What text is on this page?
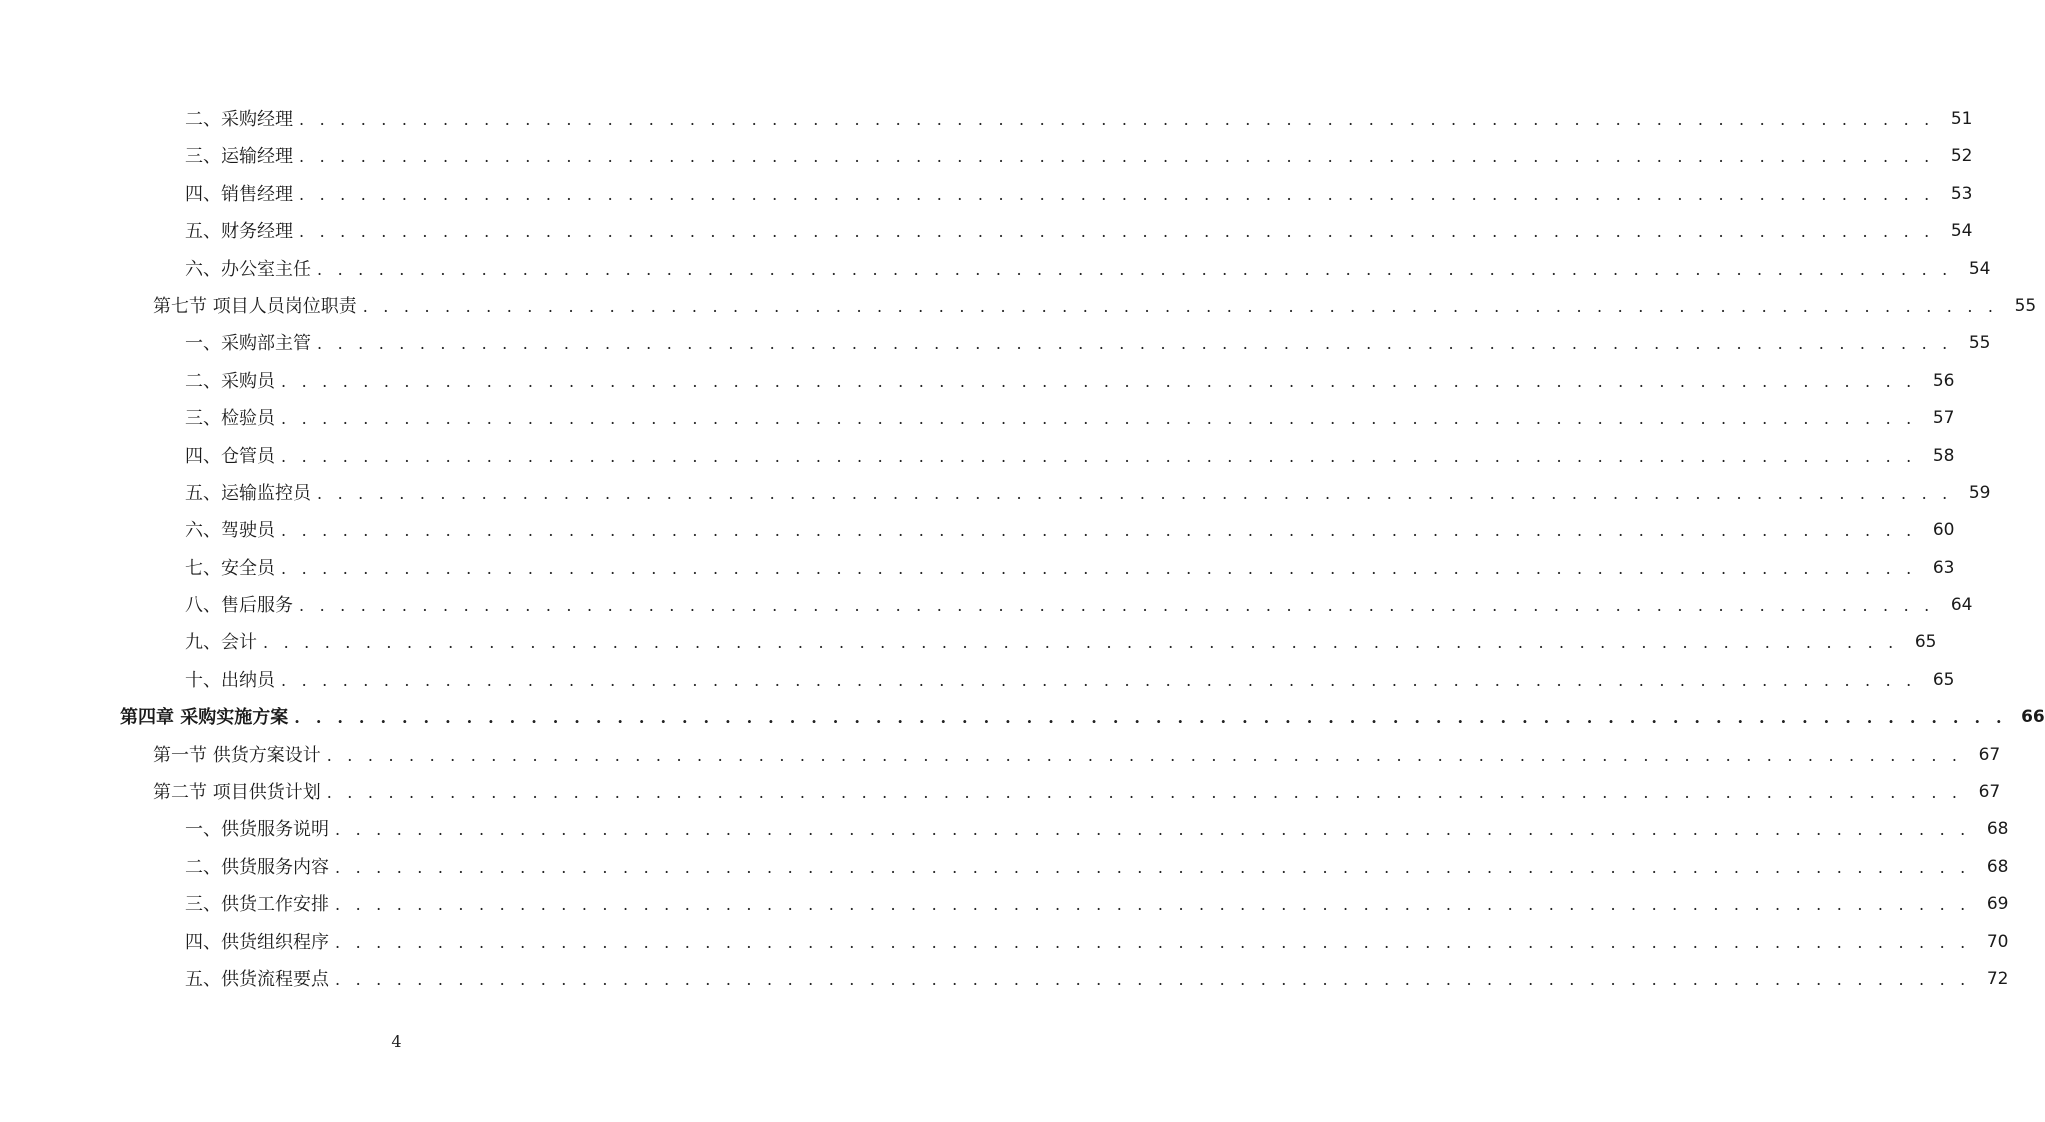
二、采购经理 . . . . . . . . . . . . . . . . . . . . . . . . . . . . . . . . . . . . . . . . . . . . . . . . . . . . . . . . . . . . . . . . . . . . . . . . . . . . . . . . 51
三、运输经理 . . . . . . . . . . . . . . . . . . . . . . . . . . . . . . . . . . . . . . . . . . . . . . . . . . . . . . . . . . . . . . . . . . . . . . . . . . . . . . . . 52
四、销售经理 . . . . . . . . . . . . . . . . . . . . . . . . . . . . . . . . . . . . . . . . . . . . . . . . . . . . . . . . . . . . . . . . . . . . . . . . . . . . . . . . 53
五、财务经理 . . . . . . . . . . . . . . . . . . . . . . . . . . . . . . . . . . . . . . . . . . . . . . . . . . . . . . . . . . . . . . . . . . . . . . . . . . . . . . . . 54
六、办公室主任 . . . . . . . . . . . . . . . . . . . . . . . . . . . . . . . . . . . . . . . . . . . . . . . . . . . . . . . . . . . . . . . . . . . . . . . . . . . . . . . . 54
第七节 项目人员岗位职责 . . . . . . . . . . . . . . . . . . . . . . . . . . . . . . . . . . . . . . . . . . . . . . . . . . . . . . . . . . . . . . . . . . . . . . . . . . . . . . . . 55
一、采购部主管 . . . . . . . . . . . . . . . . . . . . . . . . . . . . . . . . . . . . . . . . . . . . . . . . . . . . . . . . . . . . . . . . . . . . . . . . . . . . . . . . 55
二、采购员 . . . . . . . . . . . . . . . . . . . . . . . . . . . . . . . . . . . . . . . . . . . . . . . . . . . . . . . . . . . . . . . . . . . . . . . . . . . . . . . . 56
三、检验员 . . . . . . . . . . . . . . . . . . . . . . . . . . . . . . . . . . . . . . . . . . . . . . . . . . . . . . . . . . . . . . . . . . . . . . . . . . . . . . . . 57
四、仓管员 . . . . . . . . . . . . . . . . . . . . . . . . . . . . . . . . . . . . . . . . . . . . . . . . . . . . . . . . . . . . . . . . . . . . . . . . . . . . . . . . 58
五、运输监控员 . . . . . . . . . . . . . . . . . . . . . . . . . . . . . . . . . . . . . . . . . . . . . . . . . . . . . . . . . . . . . . . . . . . . . . . . . . . . . . . . 59
六、驾驶员 . . . . . . . . . . . . . . . . . . . . . . . . . . . . . . . . . . . . . . . . . . . . . . . . . . . . . . . . . . . . . . . . . . . . . . . . . . . . . . . . 60
七、安全员 . . . . . . . . . . . . . . . . . . . . . . . . . . . . . . . . . . . . . . . . . . . . . . . . . . . . . . . . . . . . . . . . . . . . . . . . . . . . . . . . 63
八、售后服务 . . . . . . . . . . . . . . . . . . . . . . . . . . . . . . . . . . . . . . . . . . . . . . . . . . . . . . . . . . . . . . . . . . . . . . . . . . . . . . . . 64
九、会计 . . . . . . . . . . . . . . . . . . . . . . . . . . . . . . . . . . . . . . . . . . . . . . . . . . . . . . . . . . . . . . . . . . . . . . . . . . . . . . . . 65
十、出纳员 . . . . . . . . . . . . . . . . . . . . . . . . . . . . . . . . . . . . . . . . . . . . . . . . . . . . . . . . . . . . . . . . . . . . . . . . . . . . . . . . 65
第四章 采购实施方案 . . . . . . . . . . . . . . . . . . . . . . . . . . . . . . . . . . . . . . . . . . . . . . . . . . . . . . . . . . . . . . . . . . . . . . . . . . . . . . . . 66
第一节 供货方案设计 . . . . . . . . . . . . . . . . . . . . . . . . . . . . . . . . . . . . . . . . . . . . . . . . . . . . . . . . . . . . . . . . . . . . . . . . . . . . . . . . 67
第二节 项目供货计划 . . . . . . . . . . . . . . . . . . . . . . . . . . . . . . . . . . . . . . . . . . . . . . . . . . . . . . . . . . . . . . . . . . . . . . . . . . . . . . . . 67
一、供货服务说明 . . . . . . . . . . . . . . . . . . . . . . . . . . . . . . . . . . . . . . . . . . . . . . . . . . . . . . . . . . . . . . . . . . . . . . . . . . . . . . . . 68
二、供货服务内容 . . . . . . . . . . . . . . . . . . . . . . . . . . . . . . . . . . . . . . . . . . . . . . . . . . . . . . . . . . . . . . . . . . . . . . . . . . . . . . . . 68
三、供货工作安排 . . . . . . . . . . . . . . . . . . . . . . . . . . . . . . . . . . . . . . . . . . . . . . . . . . . . . . . . . . . . . . . . . . . . . . . . . . . . . . . . 69
四、供货组织程序 . . . . . . . . . . . . . . . . . . . . . . . . . . . . . . . . . . . . . . . . . . . . . . . . . . . . . . . . . . . . . . . . . . . . . . . . . . . . . . . . 70
五、供货流程要点 . . . . . . . . . . . . . . . . . . . . . . . . . . . . . . . . . . . . . . . . . . . . . . . . . . . . . . . . . . . . . . . . . . . . . . . . . . . . . . . . 72
4
